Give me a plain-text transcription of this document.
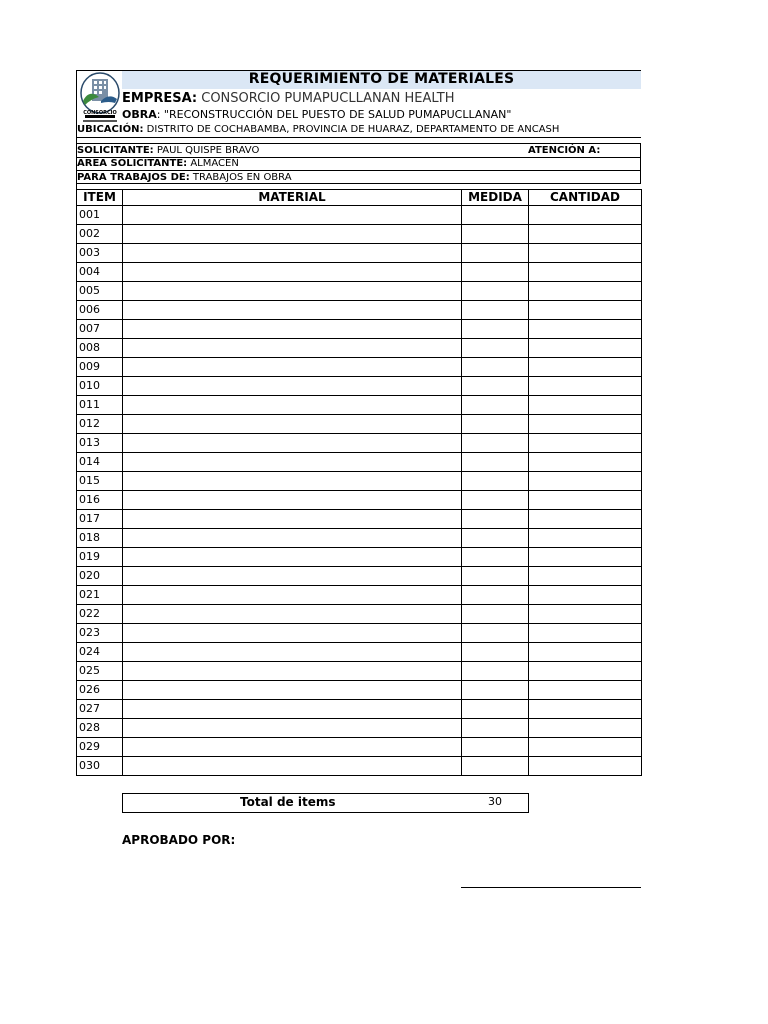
CONSORCIO
REQUERIMIENTO DE MATERIALES
EMPRESA: CONSORCIO PUMAPUCLLANAN HEALTH
OBRA: "RECONSTRUCCIÓN DEL PUESTO DE SALUD PUMAPUCLLANAN"
UBICACIÓN: DISTRITO DE COCHABAMBA, PROVINCIA DE HUARAZ, DEPARTAMENTO DE ANCASH
SOLICITANTE: PAUL QUISPE BRAVO	ATENCIÓN A:
AREA SOLICITANTE: ALMACEN
PARA TRABAJOS DE: TRABAJOS EN OBRA
ITEM	MATERIAL	MEDIDA	CANTIDAD
001			
002			
003			
004			
005			
006			
007			
008			
009			
010			
011			
012			
013			
014			
015			
016			
017			
018			
019			
020			
021			
022			
023			
024			
025			
026			
027			
028			
029			
030			
Total de items	30
APROBADO POR:
